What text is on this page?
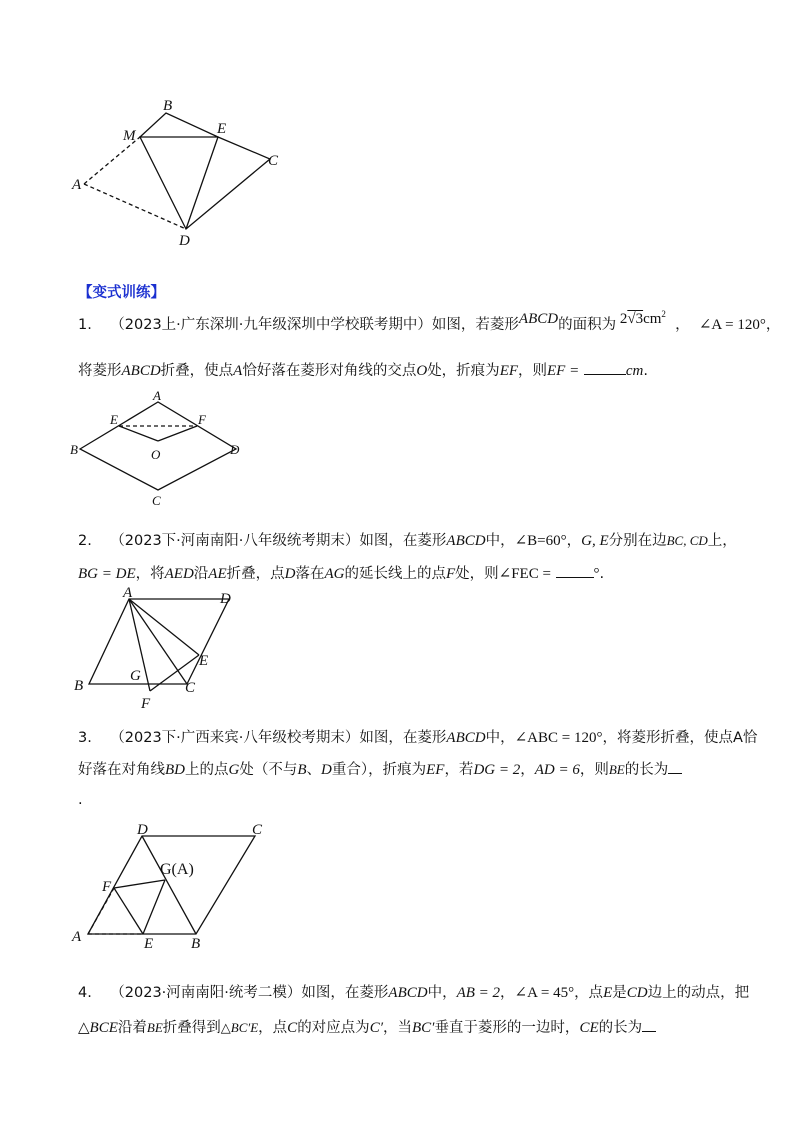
B
M	E
C
A
D
【变式训练】
1. （2023上·广东深圳·九年级深圳中学校联考期中）如图，若菱形ABCD的面积为 $2√3cm^2$  ，  ∠A = 120°，
将菱形ABCD折叠，使点A恰好落在菱形对角线的交点O处，折痕为EF，则EF =	cm.
A
E	F
B	O	D
C
2. （2023下·河南南阳·八年级统考期末）如图，在菱形ABCD中，∠B=60°，G, E分别在边BC, CD上，
BG = DE，将AED沿AE折叠，点D落在AG的延长线上的点F处，则∠FEC =	°.
A	D
E
G
B	C
F
3. （2023下·广西来宾·八年级校考期末）如图，在菱形ABCD中，∠ABC = 120°，将菱形折叠，使点A恰
好落在对角线BD上的点G处（不与B、D重合），折痕为EF，若DG = 2，AD = 6，则BE的长为
.
D	C
G(A)
F
A	E	B
4. （2023·河南南阳·统考二模）如图，在菱形ABCD中，AB = 2，∠A = 45°，点E是CD边上的动点，把
△BCE沿着BE折叠得到△BC′E，点C的对应点为C′，当BC′垂直于菱形的一边时，CE的长为
